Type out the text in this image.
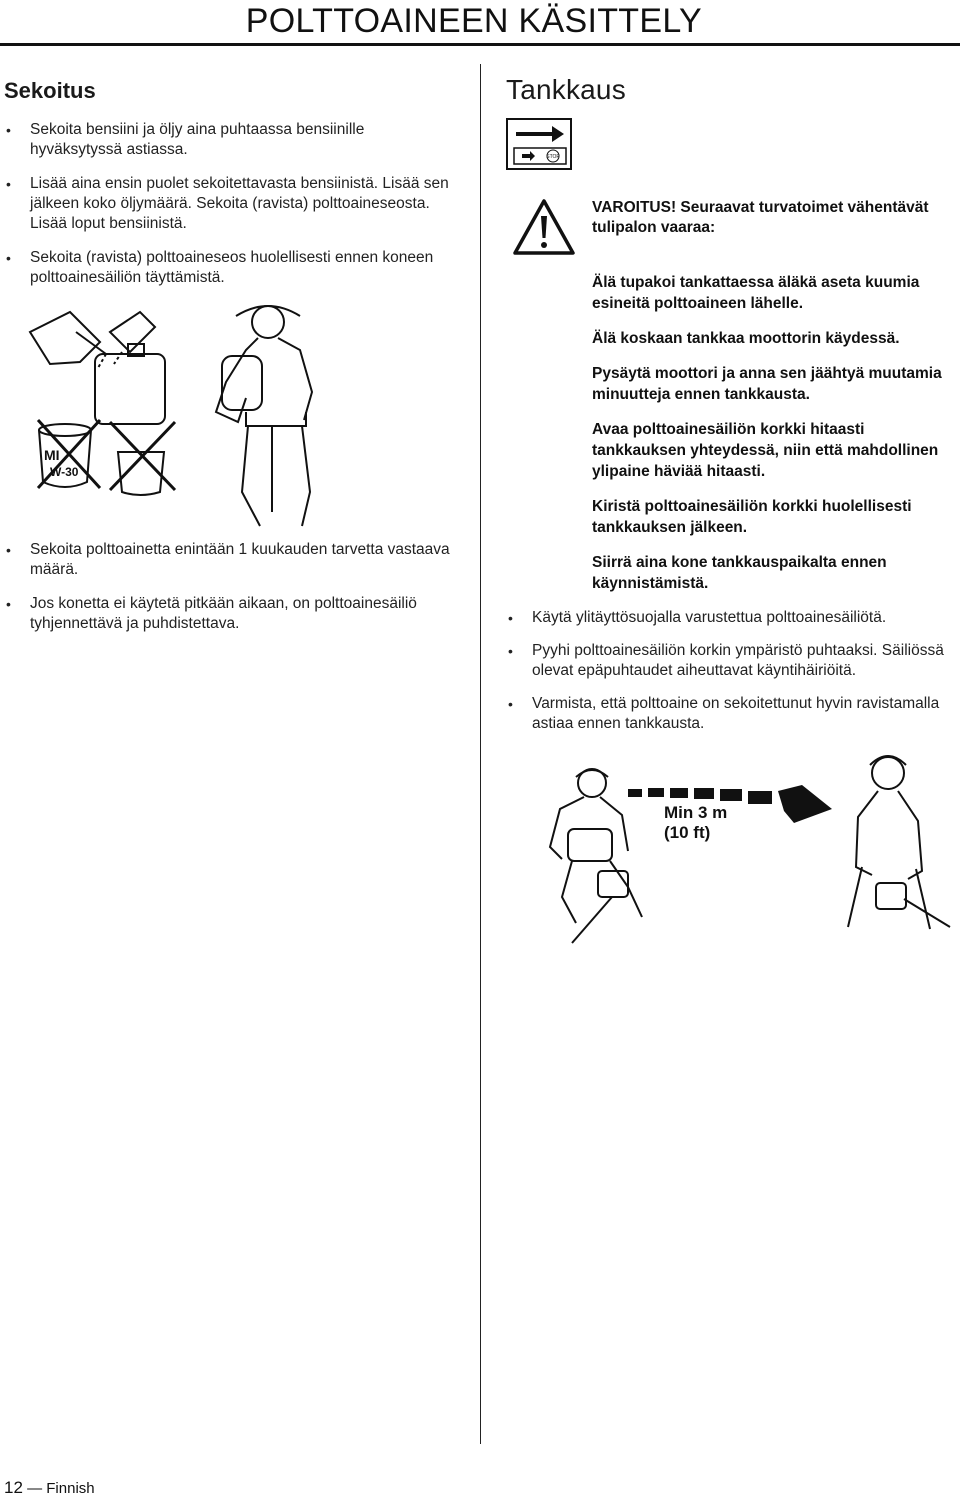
POLTTOAINEEN KÄSITTELY
Sekoitus
• Sekoita bensiini ja öljy aina puhtaassa bensiinille hyväksytyssä astiassa.
• Lisää aina ensin puolet sekoitettavasta bensiinistä. Lisää sen jälkeen koko öljymäärä. Sekoita (ravista) polttoaineseosta. Lisää loput bensiinistä.
• Sekoita (ravista) polttoaineseos huolellisesti ennen koneen polttoainesäiliön täyttämistä.
MI
W-30
• Sekoita polttoainetta enintään 1 kuukauden tarvetta vastaava määrä.
• Jos konetta ei käytetä pitkään aikaan, on polttoainesäiliö tyhjennettävä ja puhdistettava.
Tankkaus
STOP
VAROITUS! Seuraavat turvatoimet vähentävät tulipalon vaaraa:

Älä tupakoi tankattaessa äläkä aseta kuumia esineitä polttoaineen lähelle.

Älä koskaan tankkaa moottorin käydessä.

Pysäytä moottori ja anna sen jäähtyä muutamia minuutteja ennen tankkausta.

Avaa polttoainesäiliön korkki hitaasti tankkauksen yhteydessä, niin että mahdollinen ylipaine häviää hitaasti.

Kiristä polttoainesäiliön korkki huolellisesti tankkauksen jälkeen.

Siirrä aina kone tankkauspaikalta ennen käynnistämistä.

• Käytä ylitäyttösuojalla varustettua polttoainesäiliötä.
• Pyyhi polttoainesäiliön korkin ympäristö puhtaaksi. Säiliössä olevat epäpuhtaudet aiheuttavat käyntihäiriöitä.
• Varmista, että polttoaine on sekoitettunut hyvin ravistamalla astiaa ennen tankkausta.
Min 3 m
(10 ft)
12 — Finnish
